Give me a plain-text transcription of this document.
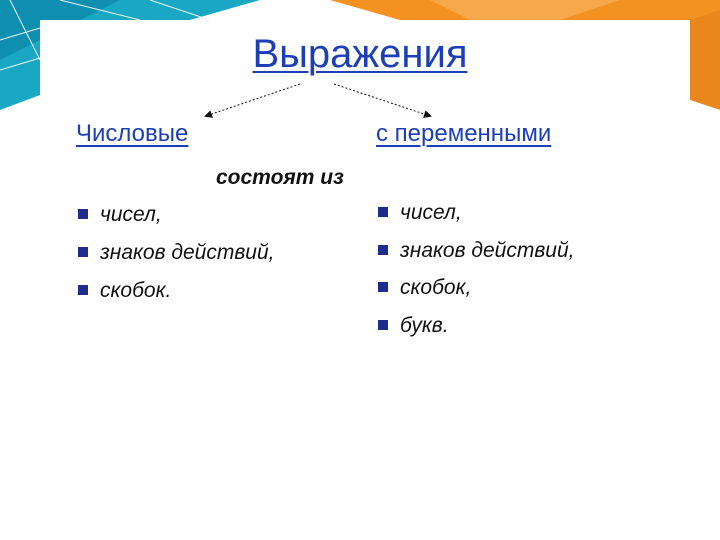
Выражения
Числовые	с переменными
состоят из
чисел,
знаков действий,
скобок.
чисел,
знаков действий,
скобок,
букв.
